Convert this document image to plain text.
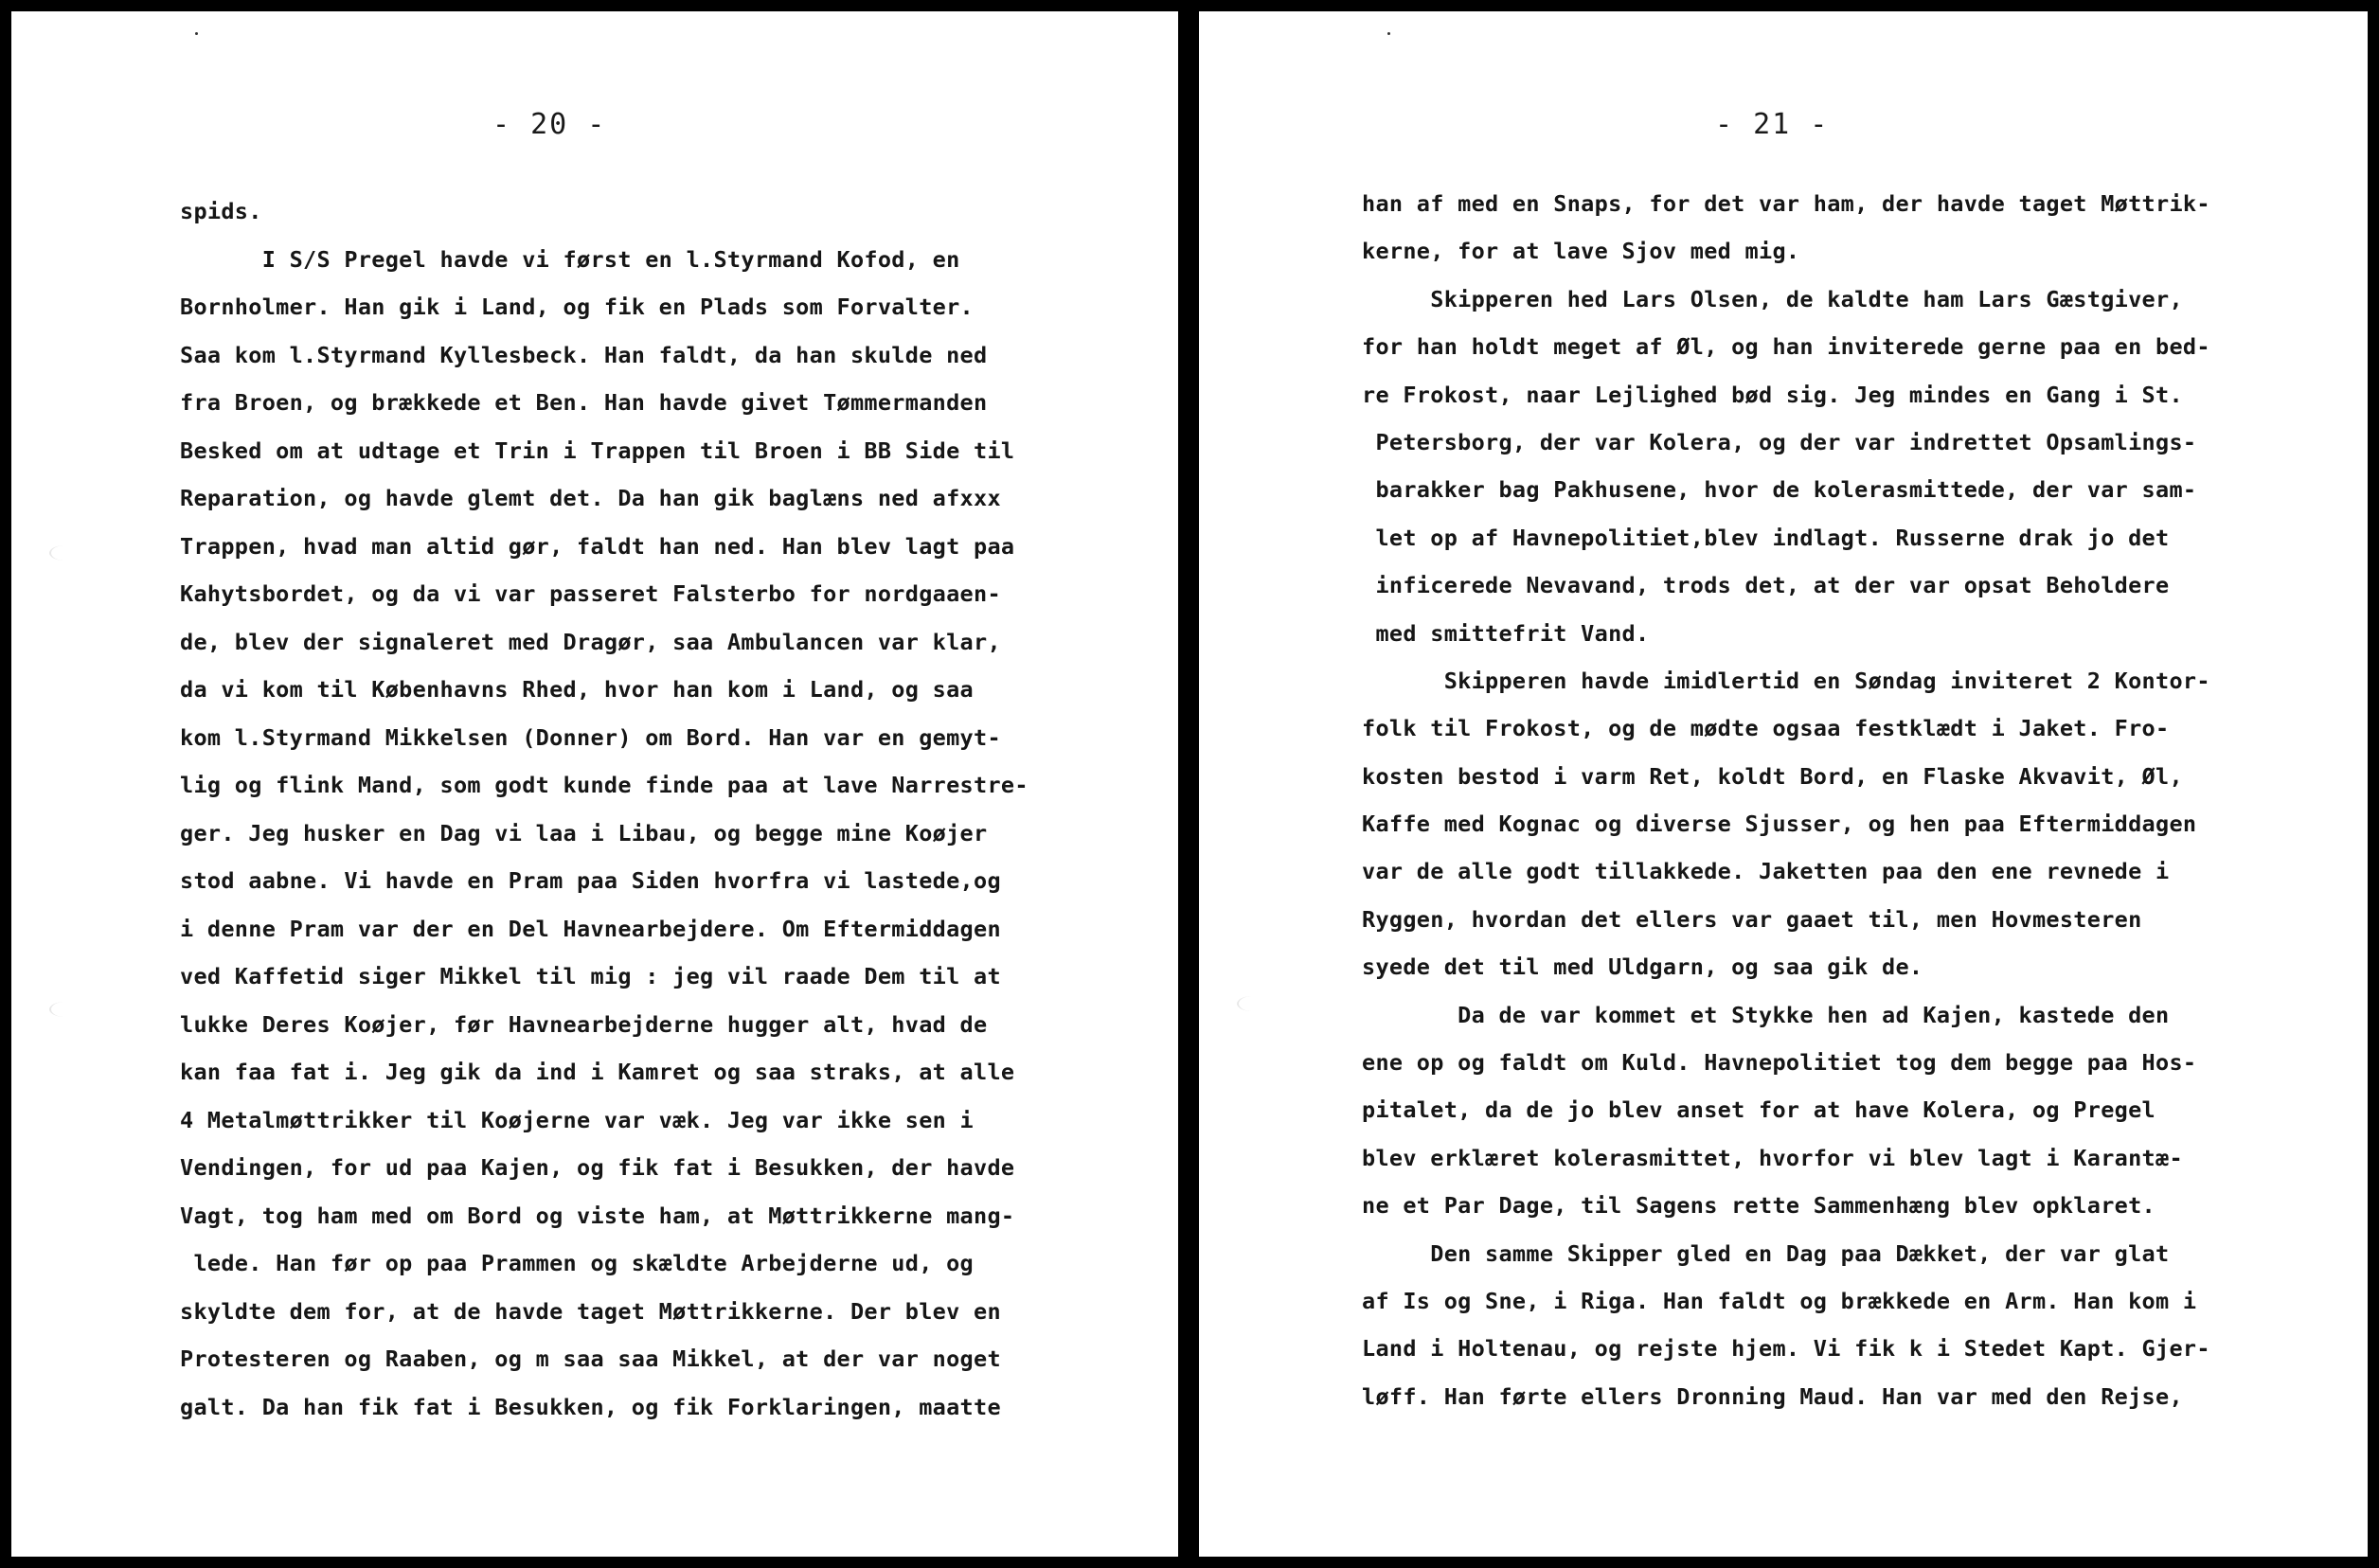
- 20 -
spids.
I S/S Pregel havde vi først en l.Styrmand Kofod, en
Bornholmer. Han gik i Land, og fik en Plads som Forvalter.
Saa kom l.Styrmand Kyllesbeck. Han faldt, da han skulde ned
fra Broen, og brækkede et Ben. Han havde givet Tømmermanden
Besked om at udtage et Trin i Trappen til Broen i BB Side til
Reparation, og havde glemt det. Da han gik baglæns ned afxxx
Trappen, hvad man altid gør, faldt han ned. Han blev lagt paa
Kahytsbordet, og da vi var passeret Falsterbo for nordgaaen-
de, blev der signaleret med Dragør, saa Ambulancen var klar,
da vi kom til Københavns Rhed, hvor han kom i Land, og saa
kom l.Styrmand Mikkelsen (Donner) om Bord. Han var en gemyt-
lig og flink Mand, som godt kunde finde paa at lave Narrestre-
ger. Jeg husker en Dag vi laa i Libau, og begge mine Koøjer
stod aabne. Vi havde en Pram paa Siden hvorfra vi lastede,og
i denne Pram var der en Del Havnearbejdere. Om Eftermiddagen
ved Kaffetid siger Mikkel til mig : jeg vil raade Dem til at
lukke Deres Koøjer, før Havnearbejderne hugger alt, hvad de
kan faa fat i. Jeg gik da ind i Kamret og saa straks, at alle
4 Metalmøttrikker til Koøjerne var væk. Jeg var ikke sen i
Vendingen, for ud paa Kajen, og fik fat i Besukken, der havde
Vagt, tog ham med om Bord og viste ham, at Møttrikkerne mang-
lede. Han før op paa Prammen og skældte Arbejderne ud, og
skyldte dem for, at de havde taget Møttrikkerne. Der blev en
Protesteren og Raaben, og m saa saa Mikkel, at der var noget
galt. Da han fik fat i Besukken, og fik Forklaringen, maatte
- 21 -
han af med en Snaps, for det var ham, der havde taget Møttrik-
kerne, for at lave Sjov med mig.
Skipperen hed Lars Olsen, de kaldte ham Lars Gæstgiver,
for han holdt meget af Øl, og han inviterede gerne paa en bed-
re Frokost, naar Lejlighed bød sig. Jeg mindes en Gang i St.
Petersborg, der var Kolera, og der var indrettet Opsamlings-
barakker bag Pakhusene, hvor de kolerasmittede, der var sam-
let op af Havnepolitiet,blev indlagt. Russerne drak jo det
inficerede Nevavand, trods det, at der var opsat Beholdere
med smittefrit Vand.
Skipperen havde imidlertid en Søndag inviteret 2 Kontor-
folk til Frokost, og de mødte ogsaa festklædt i Jaket. Fro-
kosten bestod i varm Ret, koldt Bord, en Flaske Akvavit, Øl,
Kaffe med Kognac og diverse Sjusser, og hen paa Eftermiddagen
var de alle godt tillakkede. Jaketten paa den ene revnede i
Ryggen, hvordan det ellers var gaaet til, men Hovmesteren
syede det til med Uldgarn, og saa gik de.
Da de var kommet et Stykke hen ad Kajen, kastede den
ene op og faldt om Kuld. Havnepolitiet tog dem begge paa Hos-
pitalet, da de jo blev anset for at have Kolera, og Pregel
blev erklæret kolerasmittet, hvorfor vi blev lagt i Karantæ-
ne et Par Dage, til Sagens rette Sammenhæng blev opklaret.
Den samme Skipper gled en Dag paa Dækket, der var glat
af Is og Sne, i Riga. Han faldt og brækkede en Arm. Han kom i
Land i Holtenau, og rejste hjem. Vi fik k i Stedet Kapt. Gjer-
løff. Han førte ellers Dronning Maud. Han var med den Rejse,
